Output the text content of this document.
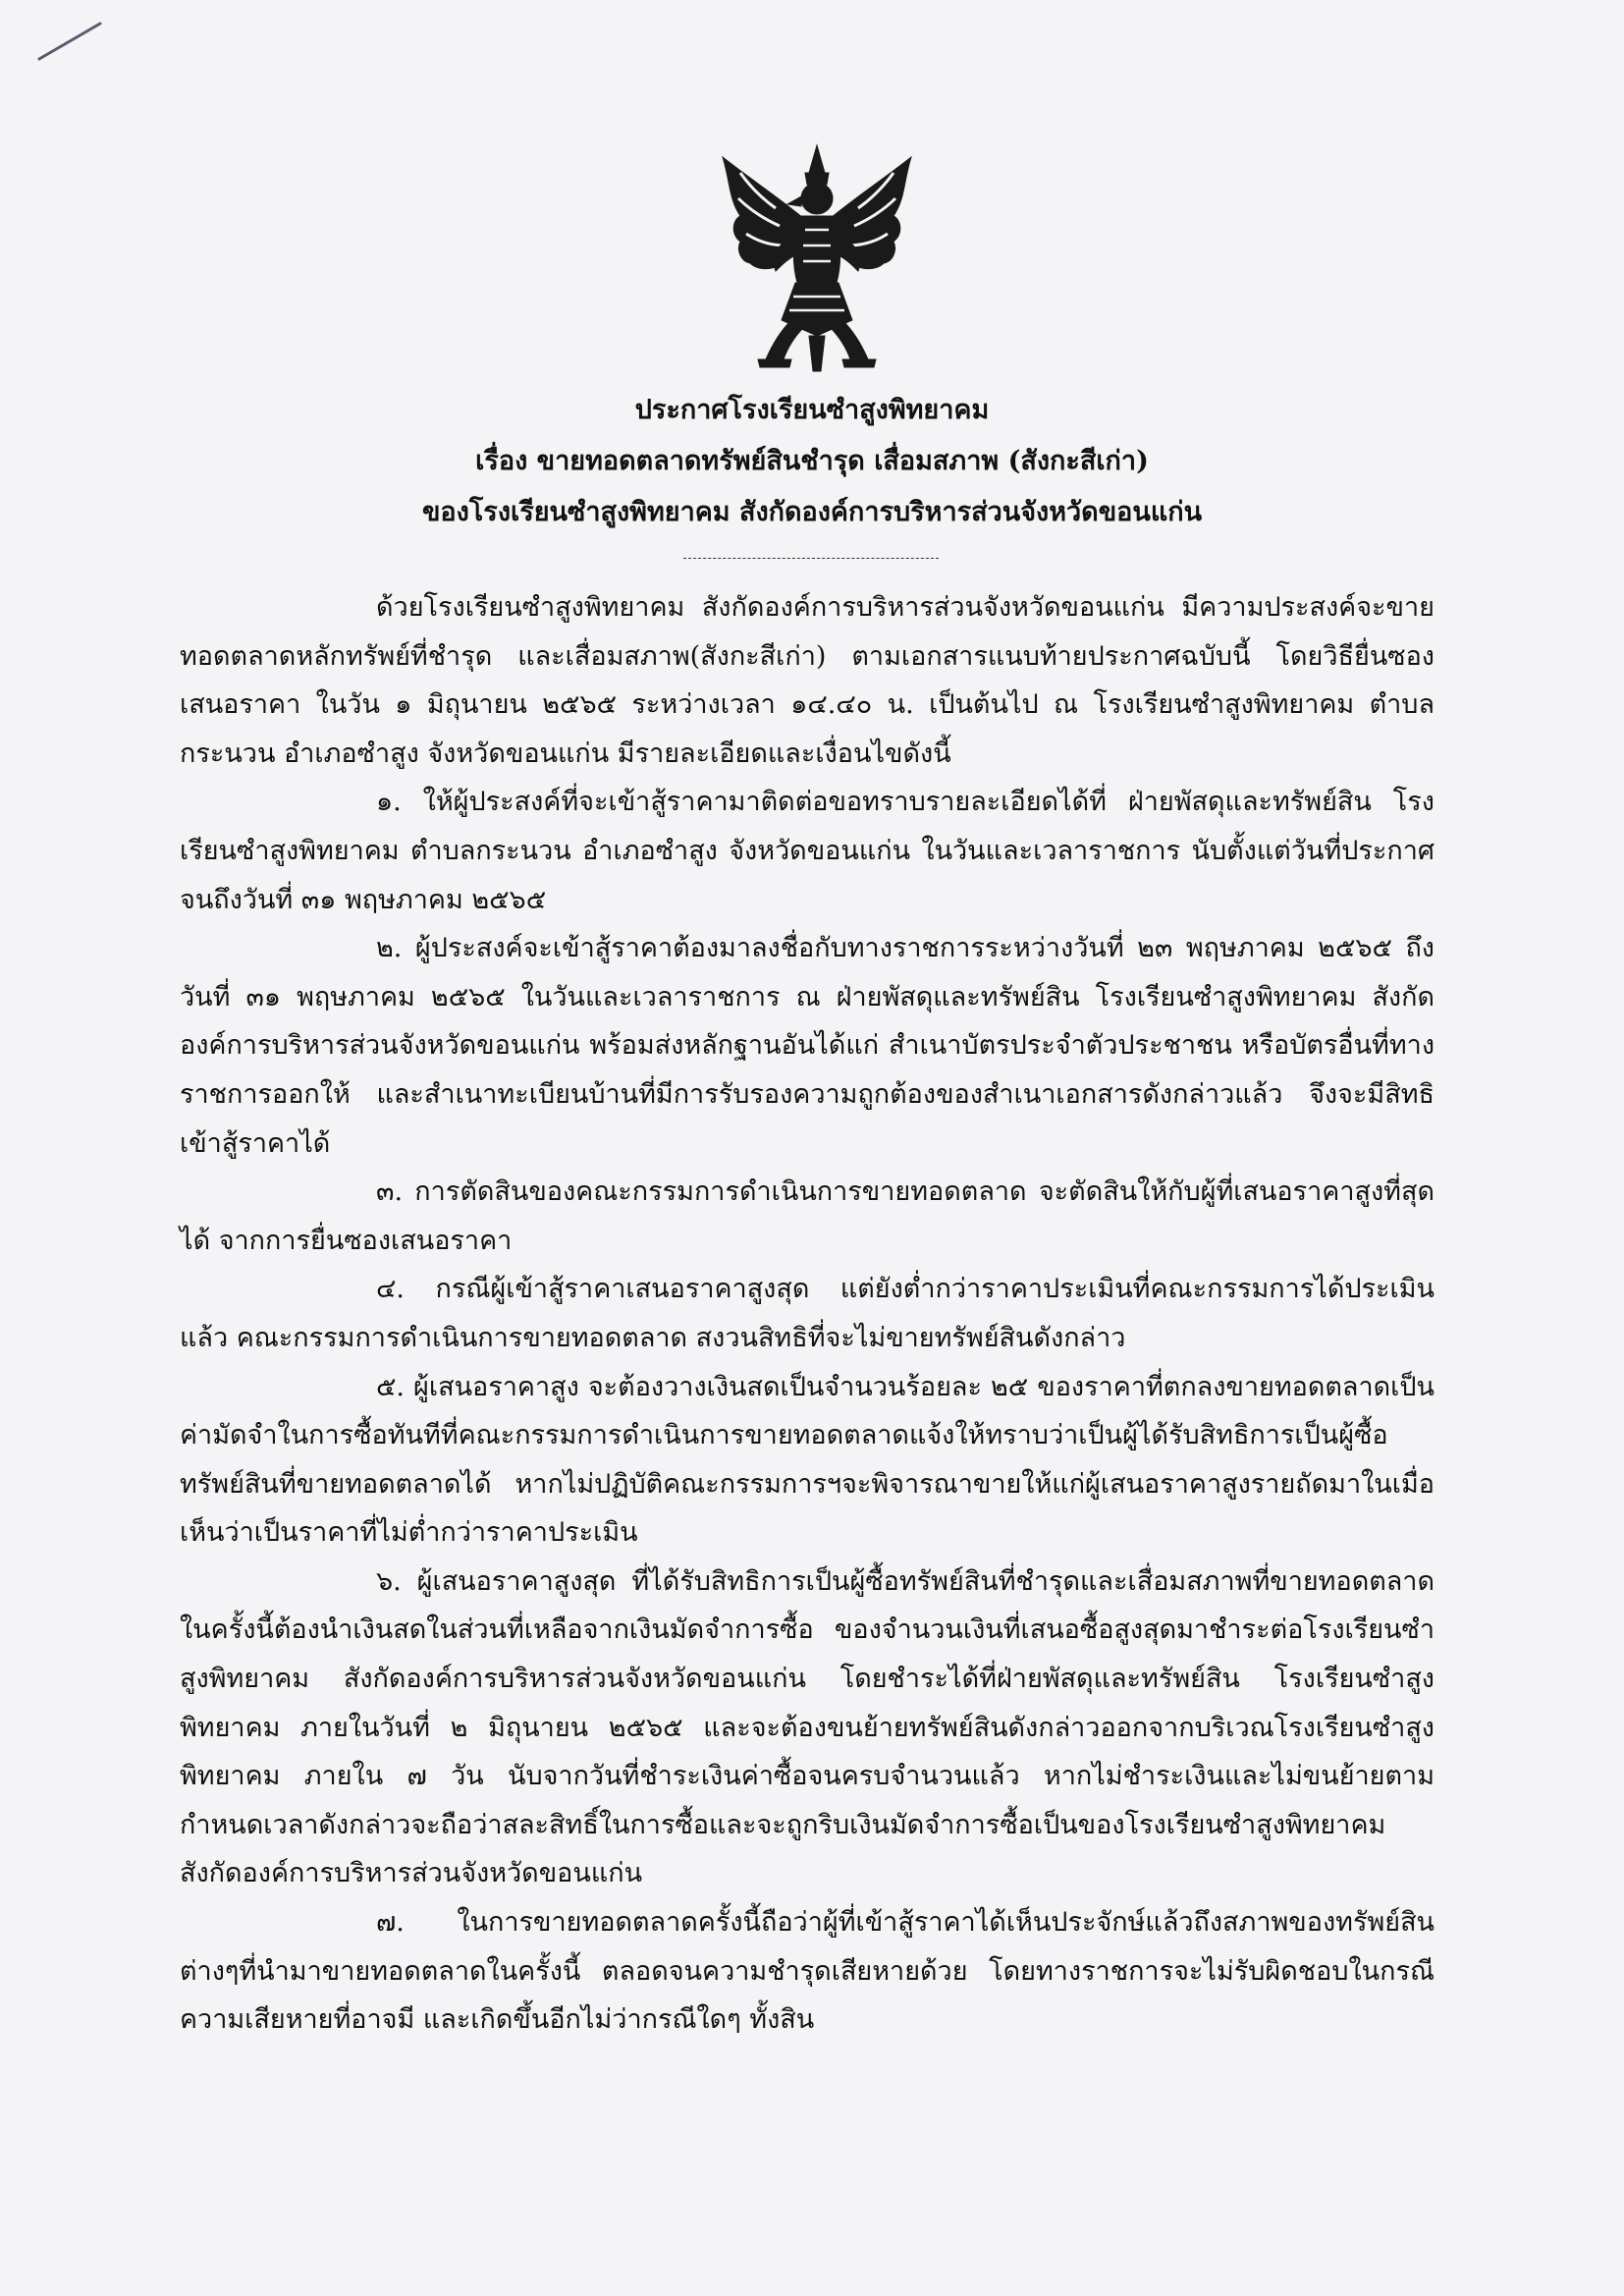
ประกาศโรงเรียนซำสูงพิทยาคม
เรื่อง ขายทอดตลาดทรัพย์สินชำรุด เสื่อมสภาพ (สังกะสีเก่า)
ของโรงเรียนซำสูงพิทยาคม สังกัดองค์การบริหารส่วนจังหวัดขอนแก่น

ด้วยโรงเรียนซำสูงพิทยาคม สังกัดองค์การบริหารส่วนจังหวัดขอนแก่น มีความประสงค์จะขายทอดตลาดหลักทรัพย์ที่ชำรุด และเสื่อมสภาพ(สังกะสีเก่า) ตามเอกสารแนบท้ายประกาศฉบับนี้ โดยวิธียื่นซองเสนอราคา ในวัน ๑ มิถุนายน ๒๕๖๕ ระหว่างเวลา ๑๔.๔๐ น. เป็นต้นไป ณ โรงเรียนซำสูงพิทยาคม ตำบลกระนวน อำเภอซำสูง จังหวัดขอนแก่น มีรายละเอียดและเงื่อนไขดังนี้

๑. ให้ผู้ประสงค์ที่จะเข้าสู้ราคามาติดต่อขอทราบรายละเอียดได้ที่ ฝ่ายพัสดุและทรัพย์สิน โรงเรียนซำสูงพิทยาคม ตำบลกระนวน อำเภอซำสูง จังหวัดขอนแก่น ในวันและเวลาราชการ นับตั้งแต่วันที่ประกาศ จนถึงวันที่ ๓๑ พฤษภาคม ๒๕๖๕

๒. ผู้ประสงค์จะเข้าสู้ราคาต้องมาลงชื่อกับทางราชการระหว่างวันที่ ๒๓ พฤษภาคม ๒๕๖๕ ถึงวันที่ ๓๑ พฤษภาคม ๒๕๖๕ ในวันและเวลาราชการ ณ ฝ่ายพัสดุและทรัพย์สิน โรงเรียนซำสูงพิทยาคม สังกัดองค์การบริหารส่วนจังหวัดขอนแก่น พร้อมส่งหลักฐานอันได้แก่ สำเนาบัตรประจำตัวประชาชน หรือบัตรอื่นที่ทางราชการออกให้ และสำเนาทะเบียนบ้านที่มีการรับรองความถูกต้องของสำเนาเอกสารดังกล่าวแล้ว จึงจะมีสิทธิเข้าสู้ราคาได้

๓. การตัดสินของคณะกรรมการดำเนินการขายทอดตลาด จะตัดสินให้กับผู้ที่เสนอราคาสูงที่สุดได้ จากการยื่นซองเสนอราคา

๔. กรณีผู้เข้าสู้ราคาเสนอราคาสูงสุด แต่ยังต่ำกว่าราคาประเมินที่คณะกรรมการได้ประเมินแล้ว คณะกรรมการดำเนินการขายทอดตลาด สงวนสิทธิที่จะไม่ขายทรัพย์สินดังกล่าว

๕. ผู้เสนอราคาสูง จะต้องวางเงินสดเป็นจำนวนร้อยละ ๒๕ ของราคาที่ตกลงขายทอดตลาดเป็นค่ามัดจำในการซื้อทันทีที่คณะกรรมการดำเนินการขายทอดตลาดแจ้งให้ทราบว่าเป็นผู้ได้รับสิทธิการเป็นผู้ซื้อทรัพย์สินที่ขายทอดตลาดได้ หากไม่ปฏิบัติคณะกรรมการฯจะพิจารณาขายให้แก่ผู้เสนอราคาสูงรายถัดมาในเมื่อเห็นว่าเป็นราคาที่ไม่ต่ำกว่าราคาประเมิน

๖. ผู้เสนอราคาสูงสุด ที่ได้รับสิทธิการเป็นผู้ซื้อทรัพย์สินที่ชำรุดและเสื่อมสภาพที่ขายทอดตลาดในครั้งนี้ต้องนำเงินสดในส่วนที่เหลือจากเงินมัดจำการซื้อ ของจำนวนเงินที่เสนอซื้อสูงสุดมาชำระต่อโรงเรียนซำสูงพิทยาคม สังกัดองค์การบริหารส่วนจังหวัดขอนแก่น โดยชำระได้ที่ฝ่ายพัสดุและทรัพย์สิน โรงเรียนซำสูงพิทยาคม ภายในวันที่ ๒ มิถุนายน ๒๕๖๕ และจะต้องขนย้ายทรัพย์สินดังกล่าวออกจากบริเวณโรงเรียนซำสูงพิทยาคม ภายใน ๗ วัน นับจากวันที่ชำระเงินค่าซื้อจนครบจำนวนแล้ว หากไม่ชำระเงินและไม่ขนย้ายตามกำหนดเวลาดังกล่าวจะถือว่าสละสิทธิ์ในการซื้อและจะถูกริบเงินมัดจำการซื้อเป็นของโรงเรียนซำสูงพิทยาคม สังกัดองค์การบริหารส่วนจังหวัดขอนแก่น

๗. ในการขายทอดตลาดครั้งนี้ถือว่าผู้ที่เข้าสู้ราคาได้เห็นประจักษ์แล้วถึงสภาพของทรัพย์สินต่างๆที่นำมาขายทอดตลาดในครั้งนี้ ตลอดจนความชำรุดเสียหายด้วย โดยทางราชการจะไม่รับผิดชอบในกรณีความเสียหายที่อาจมี และเกิดขึ้นอีกไม่ว่ากรณีใดๆ ทั้งสิน
